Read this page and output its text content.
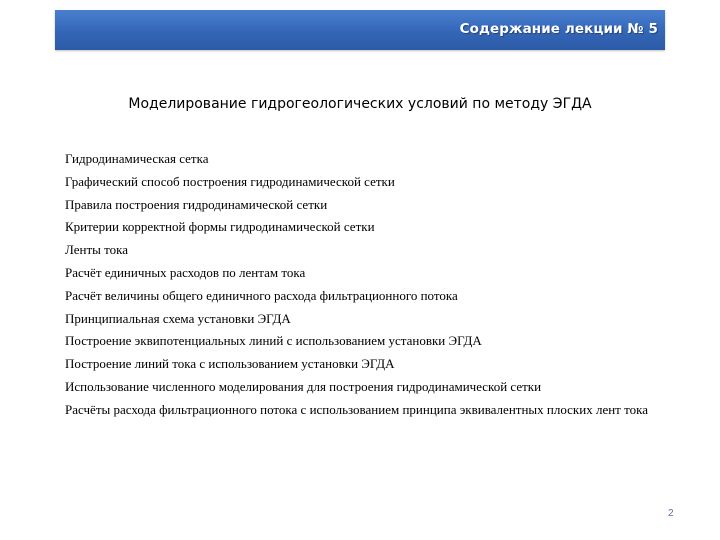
Содержание лекции № 5
Моделирование гидрогеологических условий по методу ЭГДА
Гидродинамическая сетка
Графический способ построения гидродинамической сетки
Правила построения гидродинамической сетки
Критерии корректной формы гидродинамической сетки
Ленты тока
Расчёт единичных расходов по лентам тока
Расчёт величины общего единичного расхода фильтрационного потока
Принципиальная схема установки ЭГДА
Построение эквипотенциальных линий с использованием установки ЭГДА
Построение линий тока с использованием установки ЭГДА
Использование численного моделирования для построения гидродинамической сетки
Расчёты расхода фильтрационного потока с использованием принципа эквивалентных плоских лент тока
2
